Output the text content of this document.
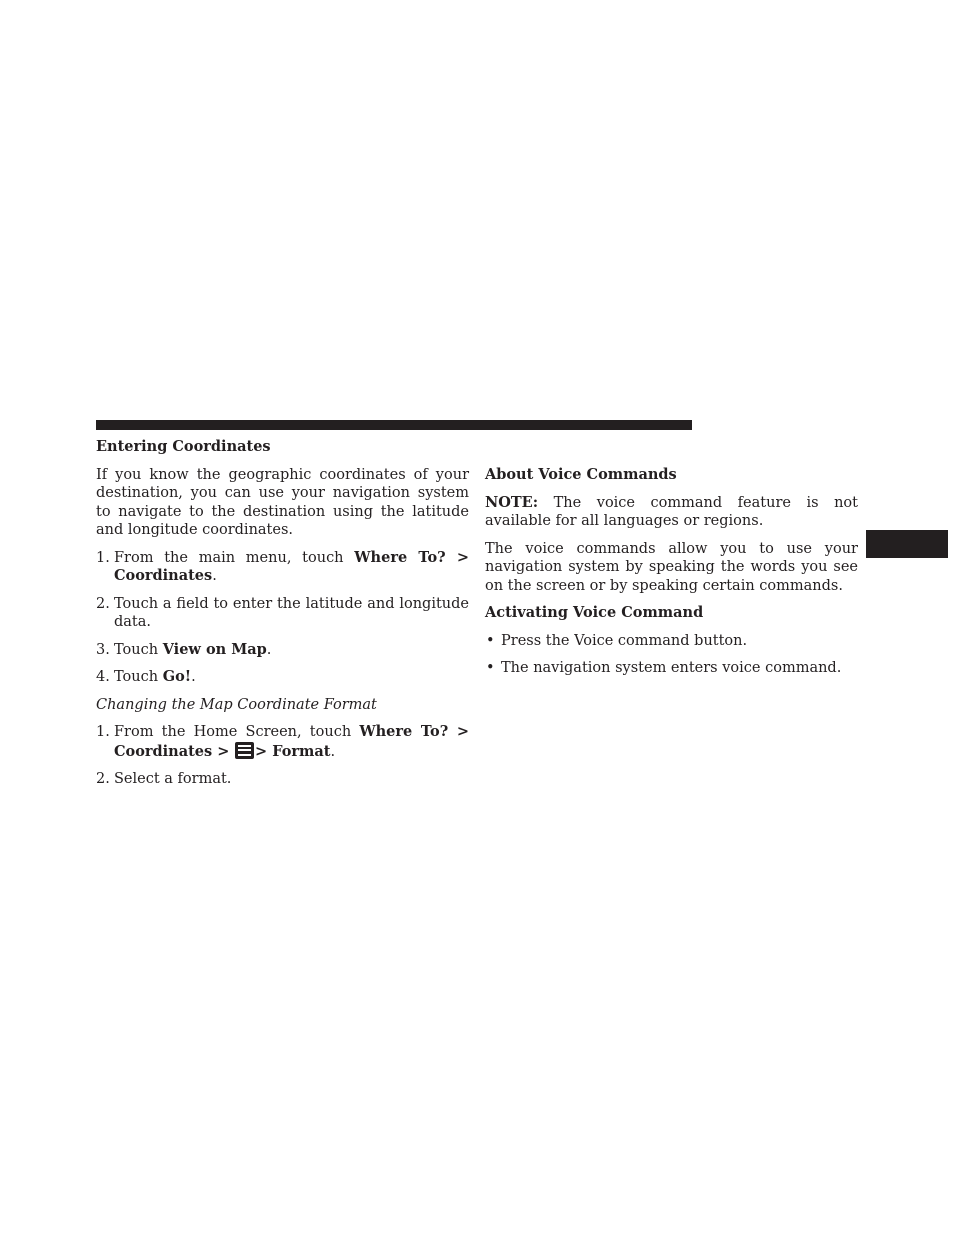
Entering Coordinates

If you know the geographic coordinates of your destination, you can use your navigation system to navigate to the destination using the latitude and longitude coordinates.

1. From the main menu, touch Where To? > Coordinates.
2. Touch a field to enter the latitude and longitude data.
3. Touch View on Map.
4. Touch Go!.
Changing the Map Coordinate Format
1. From the Home Screen, touch Where To? > Coordinates > > Format.
2. Select a format.
About Voice Commands

NOTE: The voice command feature is not available for all languages or regions.

The voice commands allow you to use your navigation system by speaking the words you see on the screen or by speaking certain commands.

Activating Voice Command
• Press the Voice command button.
• The navigation system enters voice command.
